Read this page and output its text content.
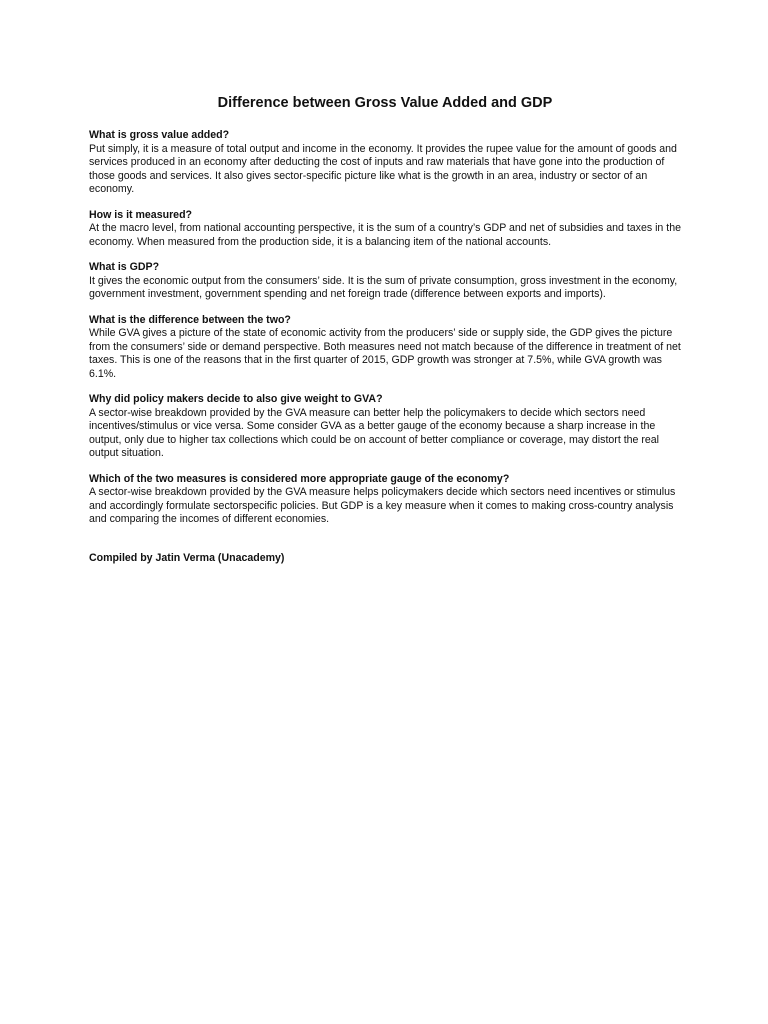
Difference between Gross Value Added and GDP

What is gross value added?

Put simply, it is a measure of total output and income in the economy. It provides the rupee value for the amount of goods and services produced in an economy after deducting the cost of inputs and raw materials that have gone into the production of those goods and services. It also gives sector-specific picture like what is the growth in an area, industry or sector of an economy.

How is it measured?

At the macro level, from national accounting perspective, it is the sum of a country’s GDP and net of subsidies and taxes in the economy. When measured from the production side, it is a balancing item of the national accounts.

What is GDP?

It gives the economic output from the consumers’ side. It is the sum of private consumption, gross investment in the economy, government investment, government spending and net foreign trade (difference between exports and imports).

What is the difference between the two?

While GVA gives a picture of the state of economic activity from the producers’ side or supply side, the GDP gives the picture from the consumers’ side or demand perspective. Both measures need not match because of the difference in treatment of net taxes. This is one of the reasons that in the first quarter of 2015, GDP growth was stronger at 7.5%, while GVA growth was 6.1%.

Why did policy makers decide to also give weight to GVA?

A sector-wise breakdown provided by the GVA measure can better help the policymakers to decide which sectors need incentives/stimulus or vice versa. Some consider GVA as a better gauge of the economy because a sharp increase in the output, only due to higher tax collections which could be on account of better compliance or coverage, may distort the real output situation.

Which of the two measures is considered more appropriate gauge of the economy?

A sector-wise breakdown provided by the GVA measure helps policymakers decide which sectors need incentives or stimulus and accordingly formulate sectorspecific policies. But GDP is a key measure when it comes to making cross-country analysis and comparing the incomes of different economies.

Compiled by Jatin Verma (Unacademy)
